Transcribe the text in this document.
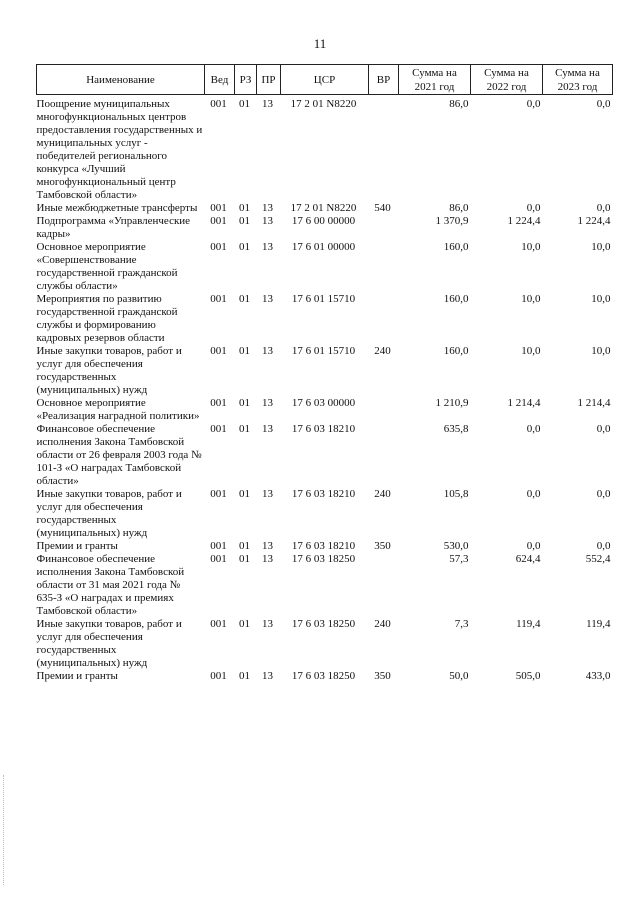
11
Наименование	Вед	РЗ	ПР	ЦСР	ВР	Сумма на 2021 год	Сумма на 2022 год	Сумма на 2023 год
Поощрение муниципальных многофункциональных центров предоставления государственных и муниципальных услуг - победителей регионального конкурса «Лучший многофункциональный центр Тамбовской области»	001	01	13	17 2 01 N8220		86,0	0,0	0,0
Иные межбюджетные трансферты	001	01	13	17 2 01 N8220	540	86,0	0,0	0,0
Подпрограмма «Управленческие кадры»	001	01	13	17 6 00 00000		1 370,9	1 224,4	1 224,4
Основное мероприятие «Совершенствование государственной гражданской службы области»	001	01	13	17 6 01 00000		160,0	10,0	10,0
Мероприятия по развитию государственной гражданской службы и формированию кадровых резервов области	001	01	13	17 6 01 15710		160,0	10,0	10,0
Иные закупки товаров, работ и услуг для обеспечения государственных (муниципальных) нужд	001	01	13	17 6 01 15710	240	160,0	10,0	10,0
Основное мероприятие «Реализация наградной политики»	001	01	13	17 6 03 00000		1 210,9	1 214,4	1 214,4
Финансовое обеспечение исполнения Закона Тамбовской области от 26 февраля 2003 года № 101-З «О наградах Тамбовской области»	001	01	13	17 6 03 18210		635,8	0,0	0,0
Иные закупки товаров, работ и услуг для обеспечения государственных (муниципальных) нужд	001	01	13	17 6 03 18210	240	105,8	0,0	0,0
Премии и гранты	001	01	13	17 6 03 18210	350	530,0	0,0	0,0
Финансовое обеспечение исполнения Закона Тамбовской области от 31 мая 2021 года № 635-З «О наградах и премиях Тамбовской области»	001	01	13	17 6 03 18250		57,3	624,4	552,4
Иные закупки товаров, работ и услуг для обеспечения государственных (муниципальных) нужд	001	01	13	17 6 03 18250	240	7,3	119,4	119,4
Премии и гранты	001	01	13	17 6 03 18250	350	50,0	505,0	433,0
